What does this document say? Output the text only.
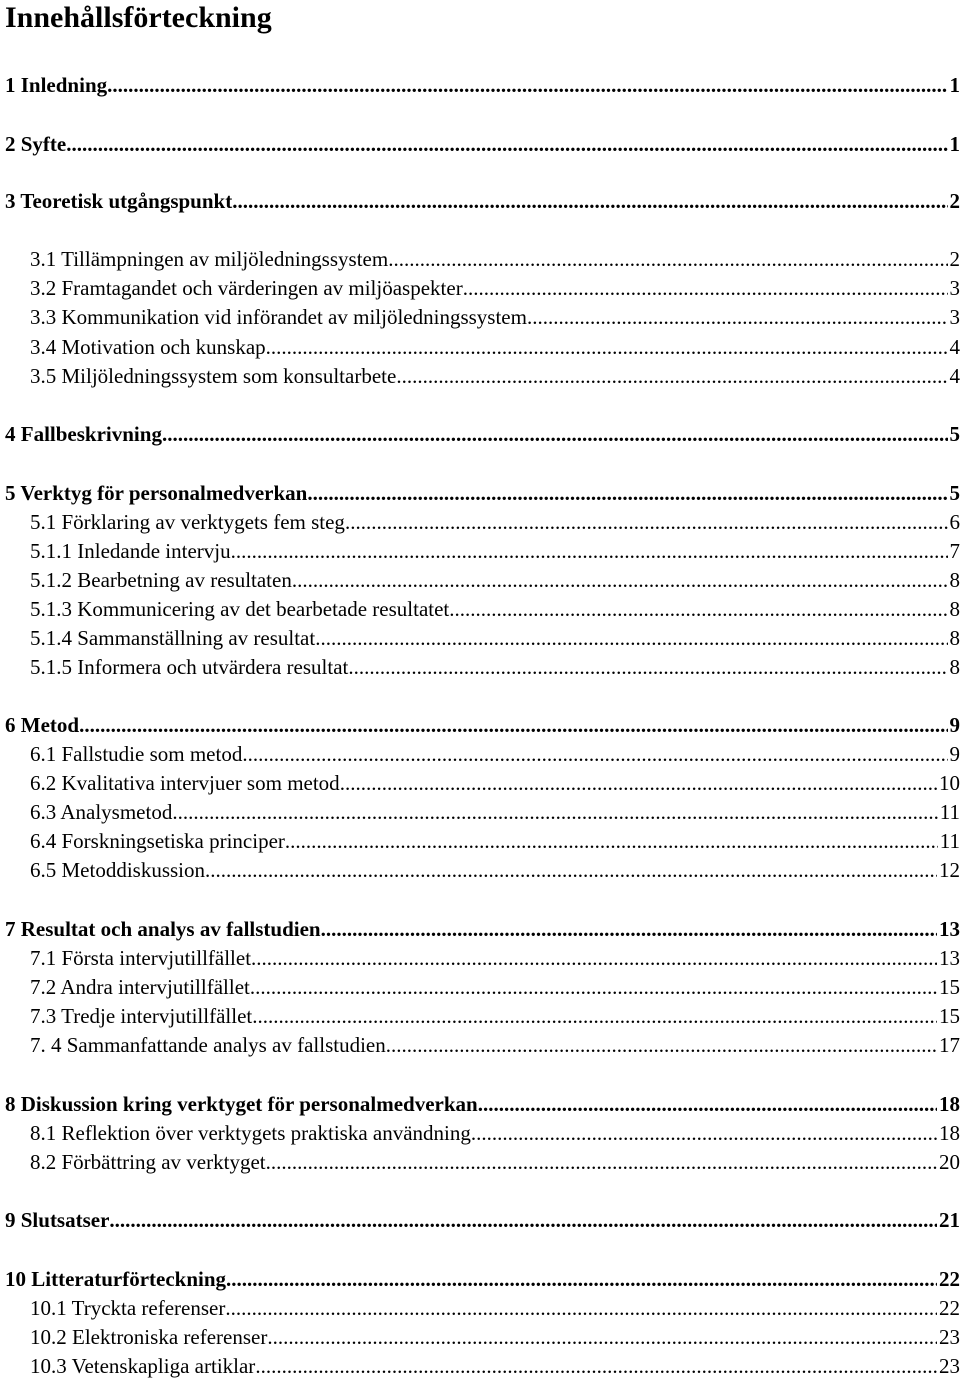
Innehållsförteckning
1 Inledning .....	1
2 Syfte .....	1
3 Teoretisk utgångspunkt .....	2
3.1 Tillämpningen av miljöledningssystem .....	2
3.2 Framtagandet och värderingen av miljöaspekter .....	3
3.3 Kommunikation vid införandet av miljöledningssystem .....	3
3.4 Motivation och kunskap .....	4
3.5 Miljöledningssystem som konsultarbete .....	4
4 Fallbeskrivning .....	5
5 Verktyg för personalmedverkan .....	5
5.1 Förklaring av verktygets fem steg .....	6
5.1.1 Inledande intervju .....	7
5.1.2 Bearbetning av resultaten .....	8
5.1.3 Kommunicering av det bearbetade resultatet .....	8
5.1.4 Sammanställning av resultat .....	8
5.1.5 Informera och utvärdera resultat .....	8
6 Metod .....	9
6.1 Fallstudie som metod .....	9
6.2 Kvalitativa intervjuer som metod .....	10
6.3 Analysmetod .....	11
6.4 Forskningsetiska principer .....	11
6.5 Metoddiskussion .....	12
7 Resultat och analys av fallstudien .....	13
7.1 Första intervjutillfället .....	13
7.2 Andra intervjutillfället .....	15
7.3 Tredje intervjutillfället .....	15
7. 4 Sammanfattande analys av fallstudien .....	17
8 Diskussion kring verktyget för personalmedverkan .....	18
8.1 Reflektion över verktygets praktiska användning .....	18
8.2 Förbättring av verktyget .....	20
9 Slutsatser .....	21
10 Litteraturförteckning .....	22
10.1 Tryckta referenser .....	22
10.2 Elektroniska referenser .....	23
10.3 Vetenskapliga artiklar .....	23
